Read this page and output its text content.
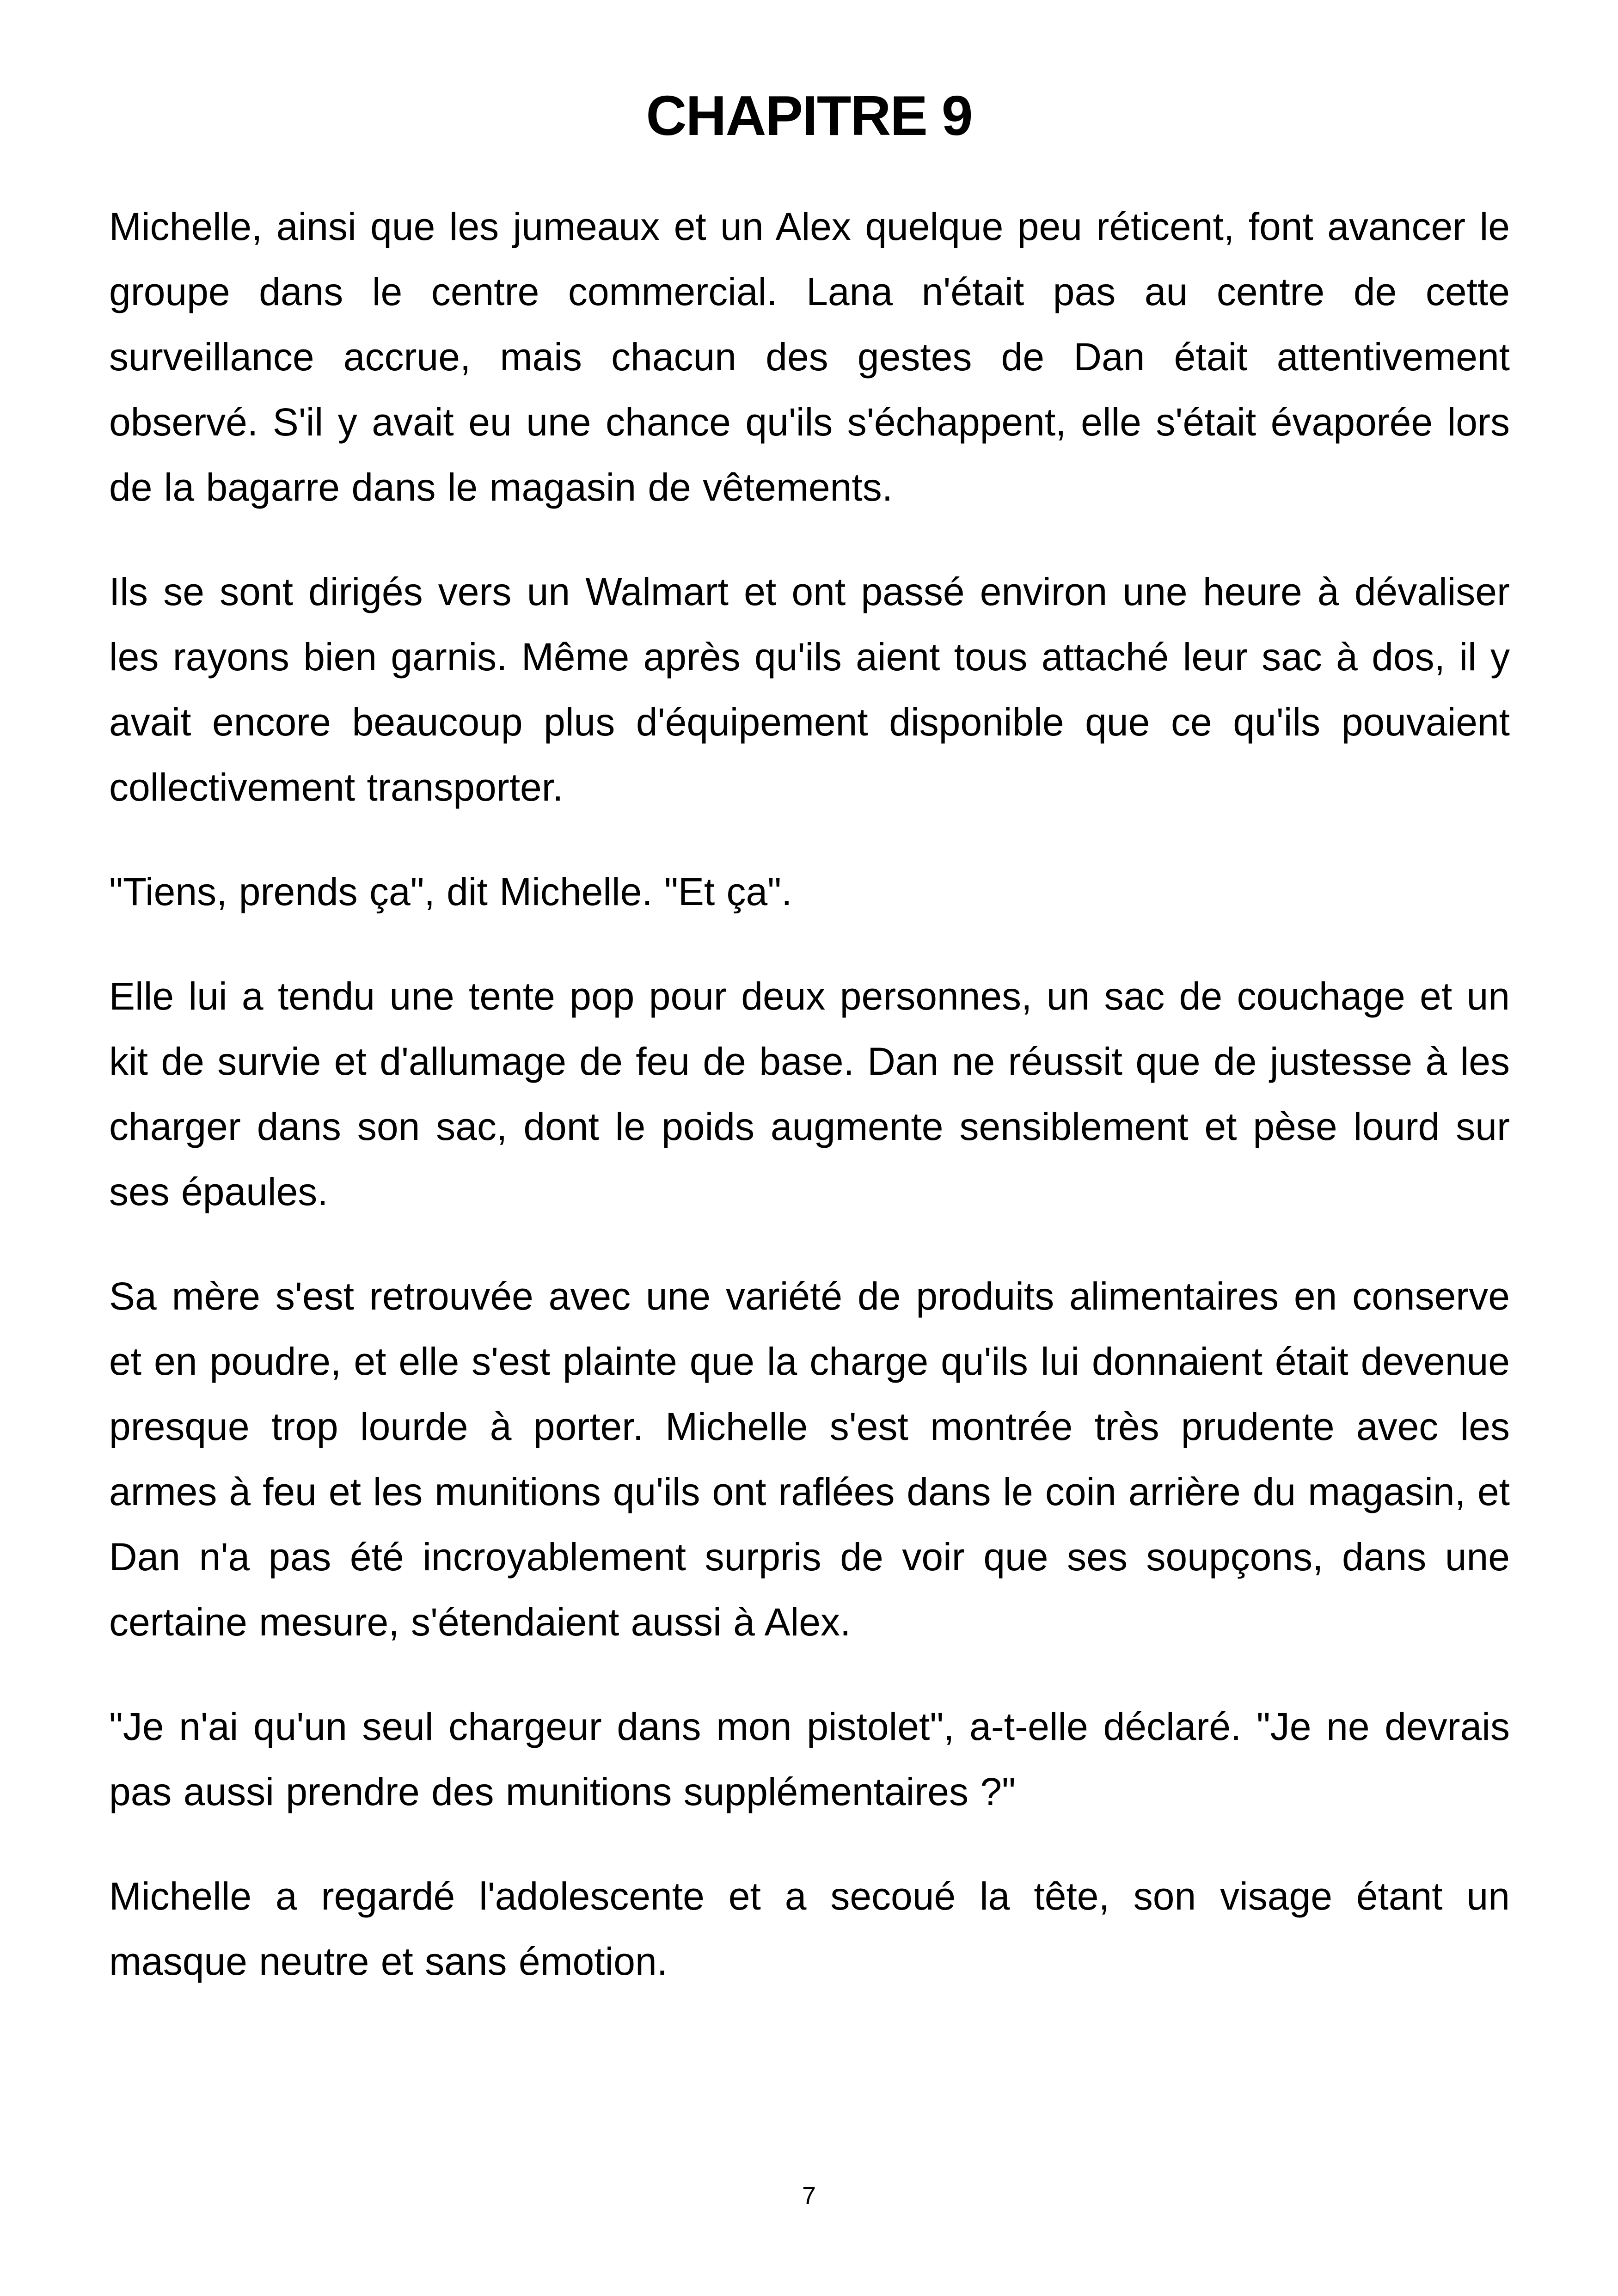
CHAPITRE 9

Michelle, ainsi que les jumeaux et un Alex quelque peu réticent, font avancer le groupe dans le centre commercial. Lana n'était pas au centre de cette surveillance accrue, mais chacun des gestes de Dan était attentivement observé. S'il y avait eu une chance qu'ils s'échappent, elle s'était évaporée lors de la bagarre dans le magasin de vêtements.

Ils se sont dirigés vers un Walmart et ont passé environ une heure à dévaliser les rayons bien garnis. Même après qu'ils aient tous attaché leur sac à dos, il y avait encore beaucoup plus d'équipement disponible que ce qu'ils pouvaient collectivement transporter.

"Tiens, prends ça", dit Michelle. "Et ça".

Elle lui a tendu une tente pop pour deux personnes, un sac de couchage et un kit de survie et d'allumage de feu de base. Dan ne réussit que de justesse à les charger dans son sac, dont le poids augmente sensiblement et pèse lourd sur ses épaules.

Sa mère s'est retrouvée avec une variété de produits alimentaires en conserve et en poudre, et elle s'est plainte que la charge qu'ils lui donnaient était devenue presque trop lourde à porter. Michelle s'est montrée très prudente avec les armes à feu et les munitions qu'ils ont raflées dans le coin arrière du magasin, et Dan n'a pas été incroyablement surpris de voir que ses soupçons, dans une certaine mesure, s'étendaient aussi à Alex.

"Je n'ai qu'un seul chargeur dans mon pistolet", a-t-elle déclaré. "Je ne devrais pas aussi prendre des munitions supplémentaires ?"

Michelle a regardé l'adolescente et a secoué la tête, son visage étant un masque neutre et sans émotion.

7
